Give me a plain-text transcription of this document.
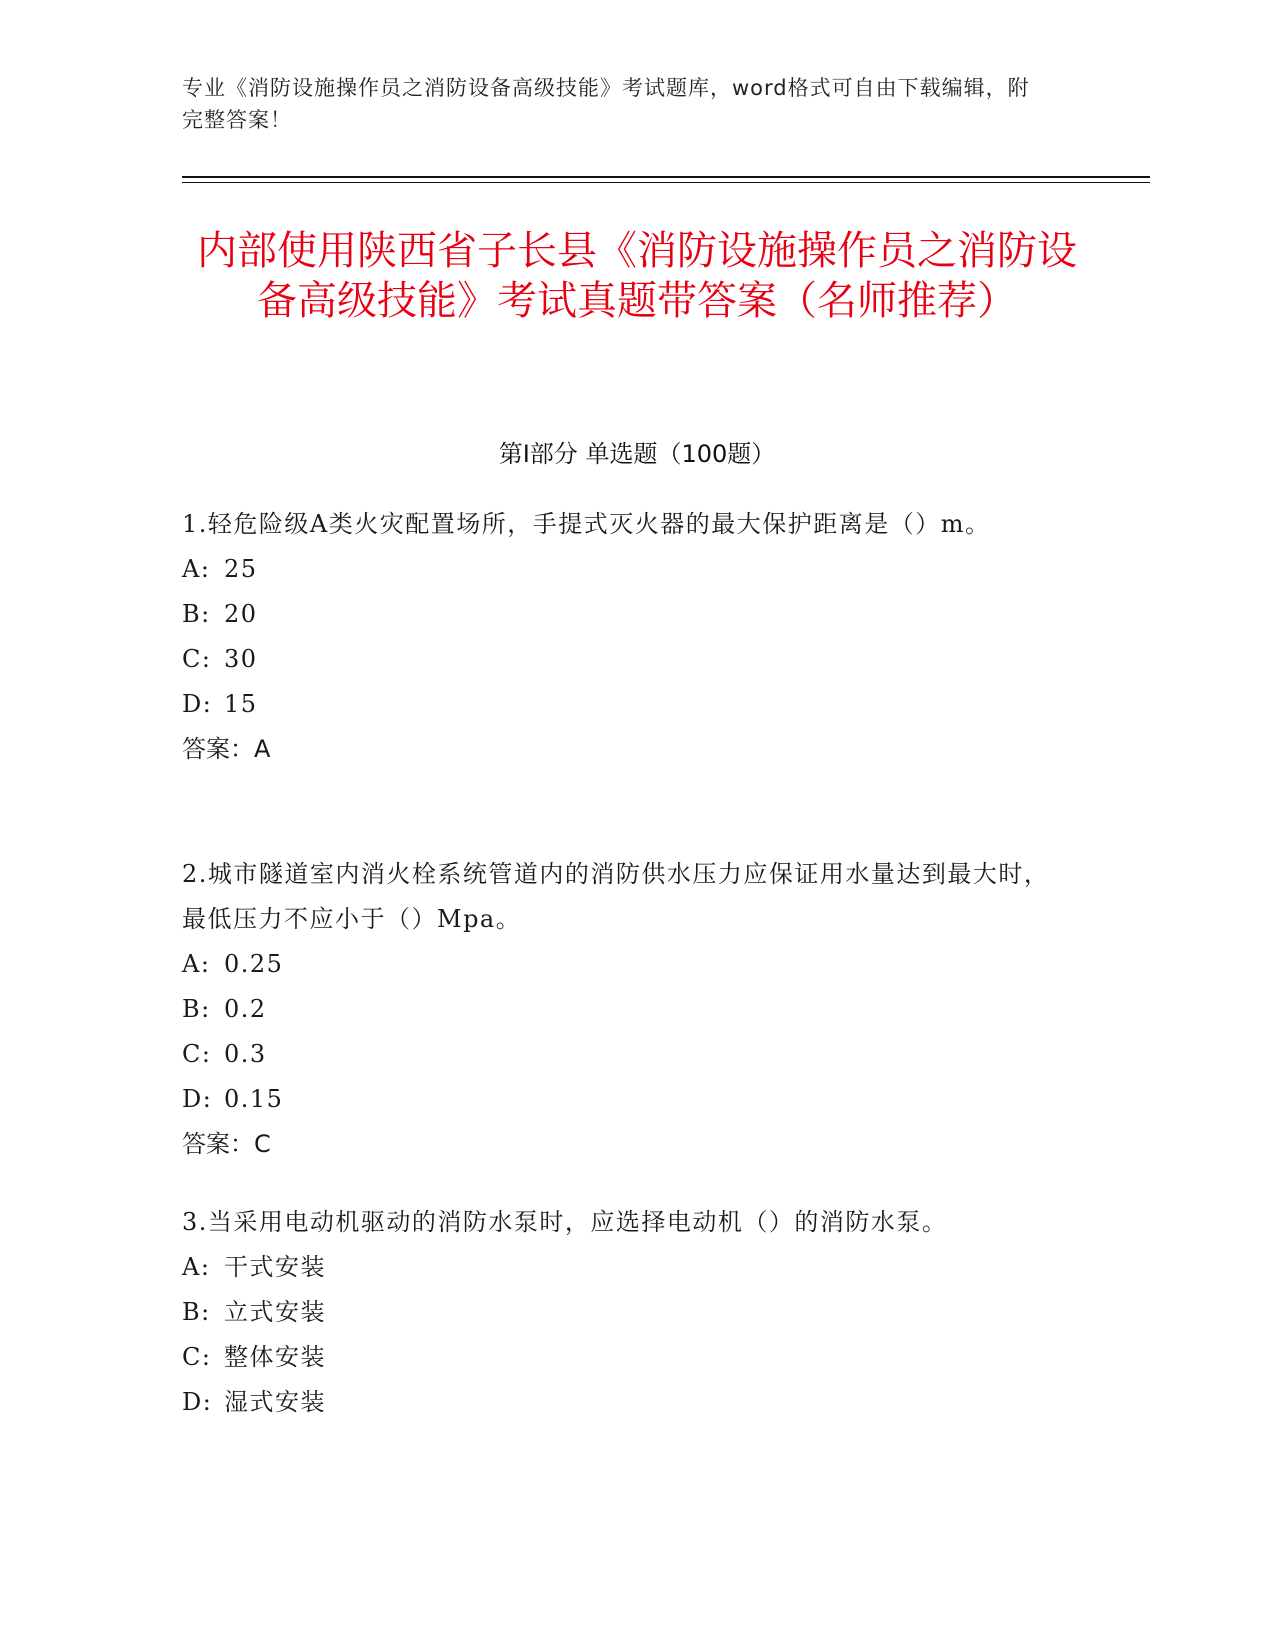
专业《消防设施操作员之消防设备高级技能》考试题库，word格式可自由下载编辑，附完整答案！
内部使用陕西省子长县《消防设施操作员之消防设备高级技能》考试真题带答案（名师推荐）
第Ⅰ部分 单选题（100题）

1.轻危险级A类火灾配置场所，手提式灭火器的最大保护距离是（）m。

A: 25

B: 20

C: 30

D: 15

答案：A

2.城市隧道室内消火栓系统管道内的消防供水压力应保证用水量达到最大时，最低压力不应小于（）Mpa。

A: 0.25

B: 0.2

C: 0.3

D: 0.15

答案：C

3.当采用电动机驱动的消防水泵时，应选择电动机（）的消防水泵。

A: 干式安装

B: 立式安装

C: 整体安装

D: 湿式安装
